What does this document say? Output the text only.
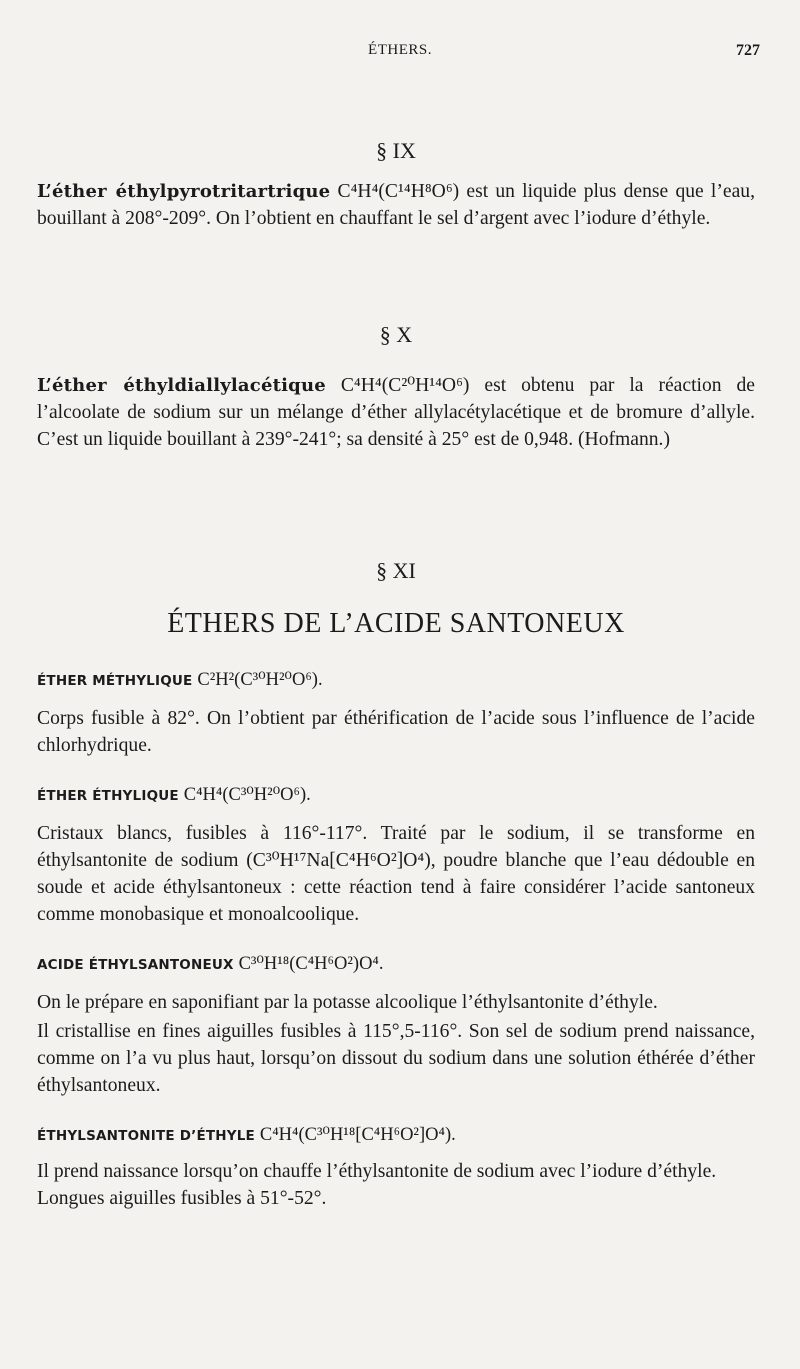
ÉTHERS.	727
§ IX

L’éther éthylpyrotritartrique C⁴H⁴(C¹⁴H⁸O⁶) est un liquide plus dense que l’eau, bouillant à 208°-209°. On l’obtient en chauffant le sel d’argent avec l’iodure d’éthyle.

§ X

L’éther éthyldiallylacétique C⁴H⁴(C²⁰H¹⁴O⁶) est obtenu par la réaction de l’alcoolate de sodium sur un mélange d’éther allylacétylacétique et de bromure d’allyle. C’est un liquide bouillant à 239°-241°; sa densité à 25° est de 0,948. (Hofmann.)

§ XI
ÉTHERS DE L’ACIDE SANTONEUX

ÉTHER MÉTHYLIQUE C²H²(C³⁰H²⁰O⁶).

Corps fusible à 82°. On l’obtient par éthérification de l’acide sous l’influence de l’acide chlorhydrique.

ÉTHER ÉTHYLIQUE C⁴H⁴(C³⁰H²⁰O⁶).

Cristaux blancs, fusibles à 116°-117°. Traité par le sodium, il se transforme en éthylsantonite de sodium (C³⁰H¹⁷Na[C⁴H⁶O²]O⁴), poudre blanche que l’eau dédouble en soude et acide éthylsantoneux : cette réaction tend à faire considérer l’acide santoneux comme monobasique et monoalcoolique.

ACIDE ÉTHYLSANTONEUX C³⁰H¹⁸(C⁴H⁶O²)O⁴.

On le prépare en saponifiant par la potasse alcoolique l’éthylsantonite d’éthyle.

Il cristallise en fines aiguilles fusibles à 115°,5-116°. Son sel de sodium prend naissance, comme on l’a vu plus haut, lorsqu’on dissout du sodium dans une solution éthérée d’éther éthylsantoneux.

ÉTHYLSANTONITE D’ÉTHYLE C⁴H⁴(C³⁰H¹⁸[C⁴H⁶O²]O⁴).

Il prend naissance lorsqu’on chauffe l’éthylsantonite de sodium avec l’iodure d’éthyle.

Longues aiguilles fusibles à 51°-52°.
